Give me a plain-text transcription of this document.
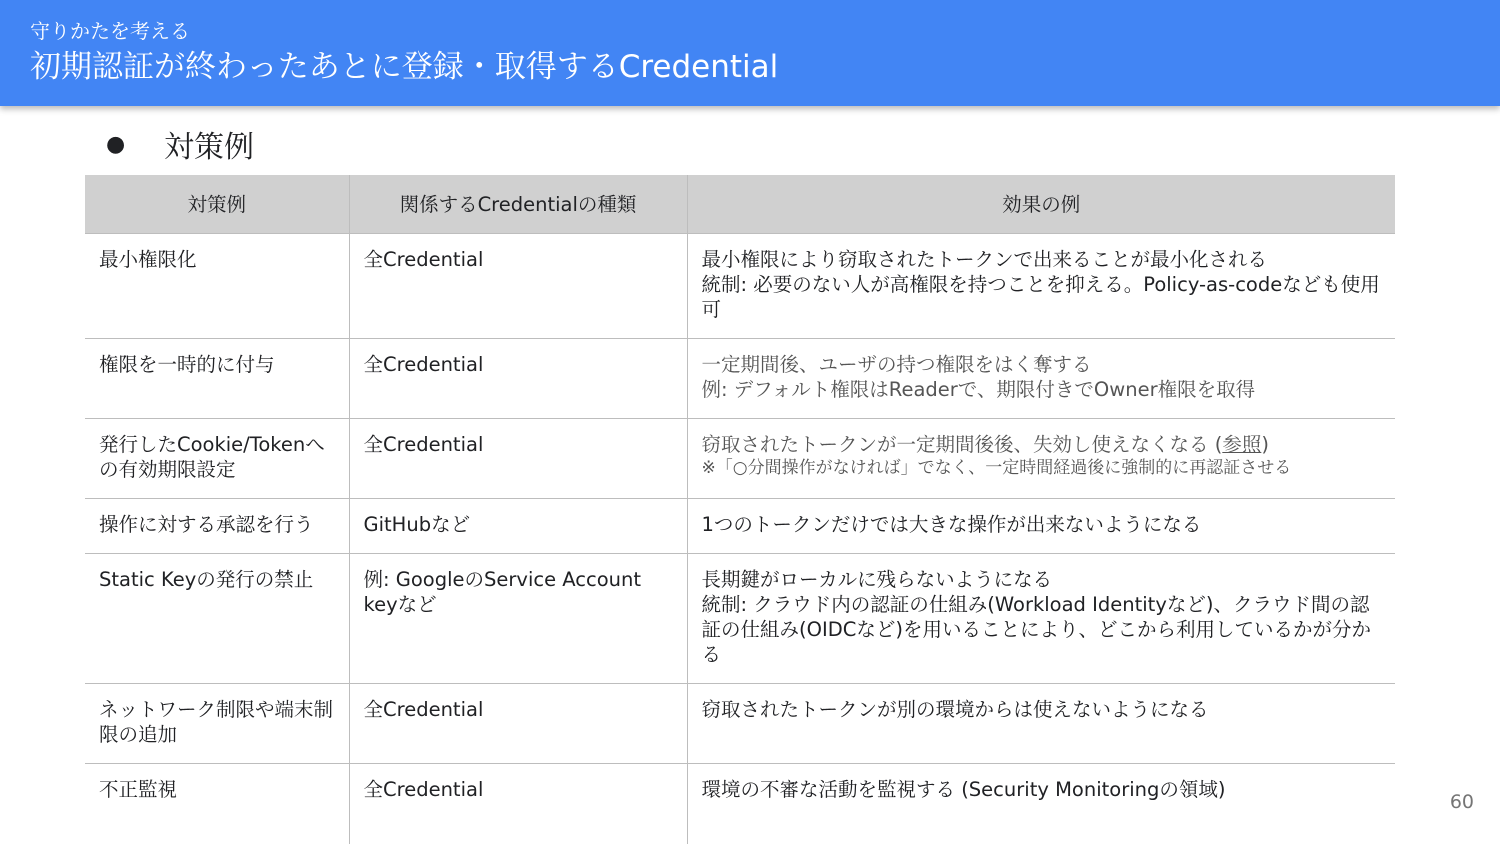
守りかたを考える
初期認証が終わったあとに登録・取得するCredential
● 対策例
対策例	関係するCredentialの種類	効果の例
最小権限化	全Credential	最小権限により窃取されたトークンで出来ることが最小化される
統制: 必要のない人が高権限を持つことを抑える。Policy-as-codeなども使用可

権限を一時的に付与	全Credential	一定期間後、ユーザの持つ権限をはく奪する
例: デフォルト権限はReaderで、期限付きでOwner権限を取得

発行したCookie/Tokenへの有効期限設定	全Credential	窃取されたトークンが一定期間後後、失効し使えなくなる (参照)
※「○分間操作がなければ」でなく、一定時間経過後に強制的に再認証させる

操作に対する承認を行う	GitHubなど	1つのトークンだけでは大きな操作が出来ないようになる

Static Keyの発行の禁止	例: GoogleのService Account keyなど	長期鍵がローカルに残らないようになる
統制: クラウド内の認証の仕組み(Workload Identityなど)、クラウド間の認証の仕組み(OIDCなど)を用いることにより、どこから利用しているかが分かる

ネットワーク制限や端末制限の追加	全Credential	窃取されたトークンが別の環境からは使えないようになる

不正監視	全Credential	環境の不審な活動を監視する (Security Monitoringの領域)
60
